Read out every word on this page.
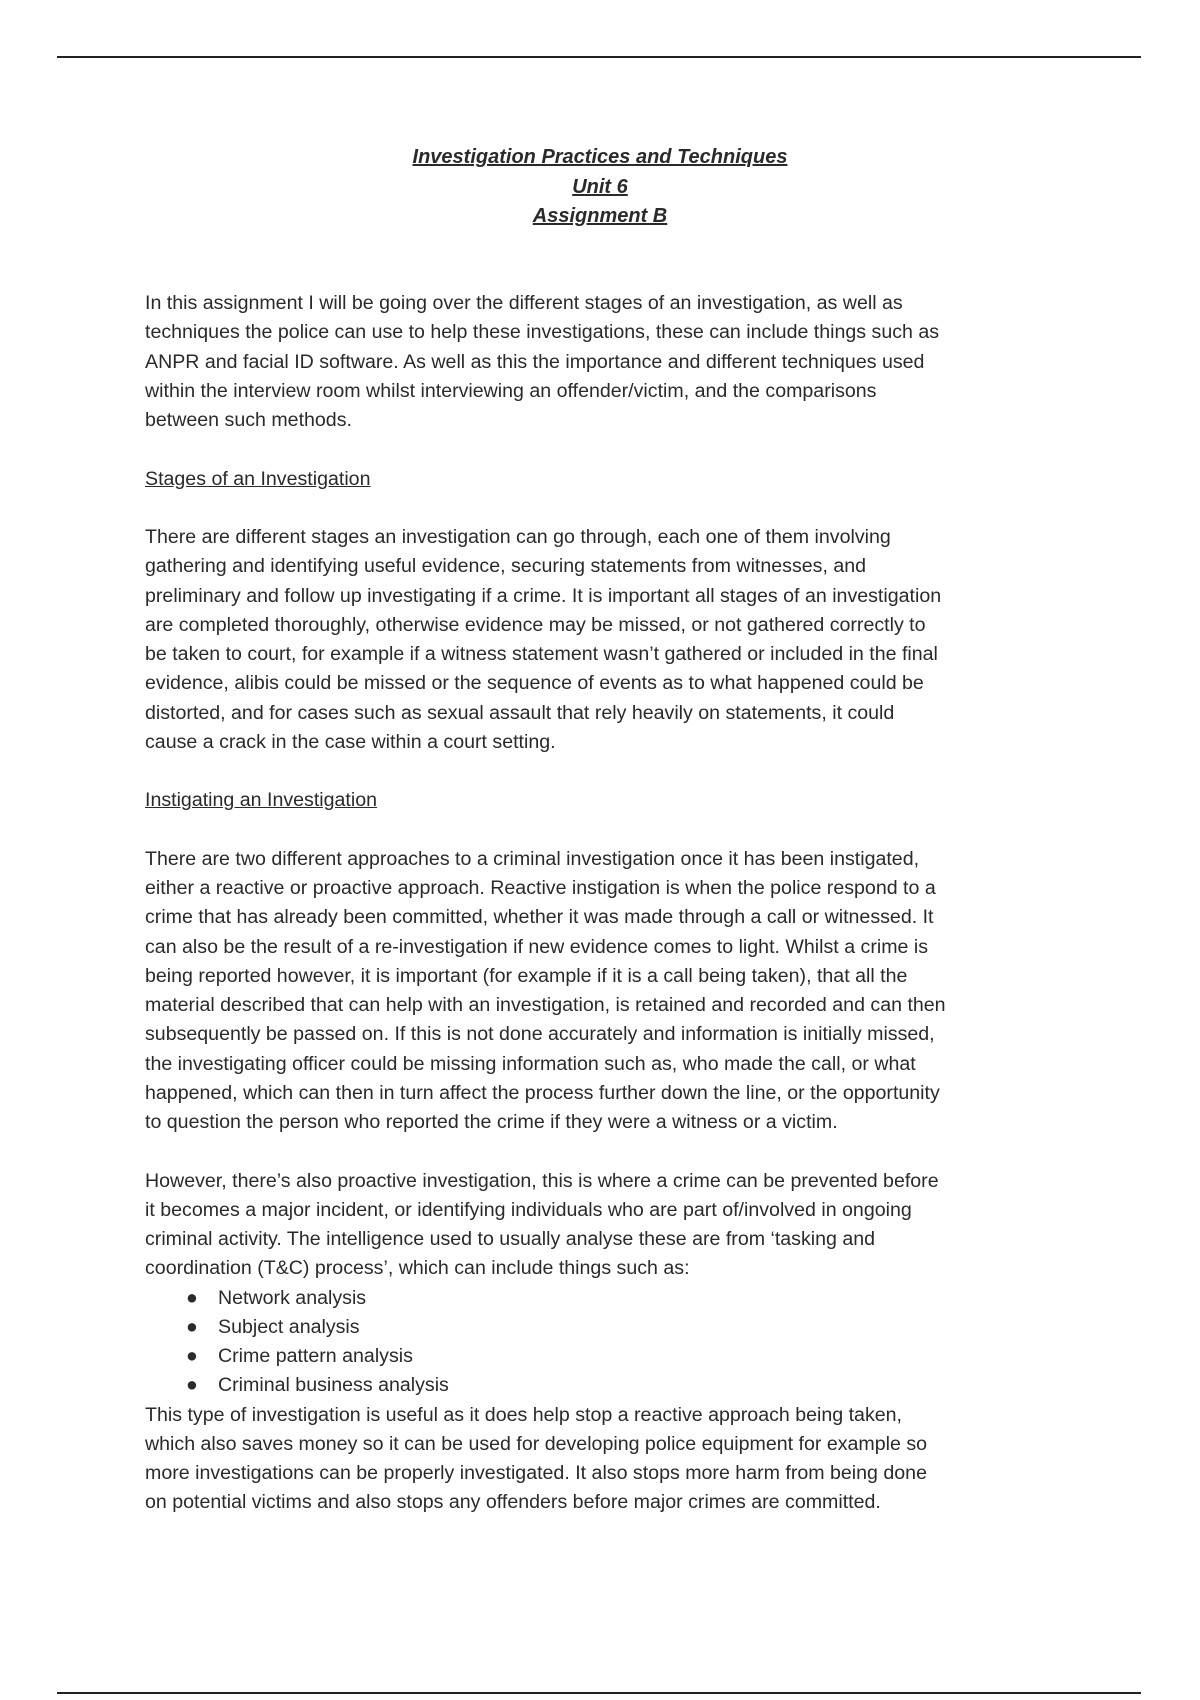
Investigation Practices and Techniques
Unit 6
Assignment B
In this assignment I will be going over the different stages of an investigation, as well as
techniques the police can use to help these investigations, these can include things such as
ANPR and facial ID software. As well as this the importance and different techniques used
within the interview room whilst interviewing an offender/victim, and the comparisons
between such methods.
Stages of an Investigation
There are different stages an investigation can go through, each one of them involving
gathering and identifying useful evidence, securing statements from witnesses, and
preliminary and follow up investigating if a crime. It is important all stages of an investigation
are completed thoroughly, otherwise evidence may be missed, or not gathered correctly to
be taken to court, for example if a witness statement wasn’t gathered or included in the final
evidence, alibis could be missed or the sequence of events as to what happened could be
distorted, and for cases such as sexual assault that rely heavily on statements, it could
cause a crack in the case within a court setting.
Instigating an Investigation
There are two different approaches to a criminal investigation once it has been instigated,
either a reactive or proactive approach. Reactive instigation is when the police respond to a
crime that has already been committed, whether it was made through a call or witnessed. It
can also be the result of a re-investigation if new evidence comes to light. Whilst a crime is
being reported however, it is important (for example if it is a call being taken), that all the
material described that can help with an investigation, is retained and recorded and can then
subsequently be passed on. If this is not done accurately and information is initially missed,
the investigating officer could be missing information such as, who made the call, or what
happened, which can then in turn affect the process further down the line, or the opportunity
to question the person who reported the crime if they were a witness or a victim.
However, there’s also proactive investigation, this is where a crime can be prevented before
it becomes a major incident, or identifying individuals who are part of/involved in ongoing
criminal activity. The intelligence used to usually analyse these are from ‘tasking and
coordination (T&C) process’, which can include things such as:
● Network analysis
● Subject analysis
● Crime pattern analysis
● Criminal business analysis
This type of investigation is useful as it does help stop a reactive approach being taken,
which also saves money so it can be used for developing police equipment for example so
more investigations can be properly investigated. It also stops more harm from being done
on potential victims and also stops any offenders before major crimes are committed.
